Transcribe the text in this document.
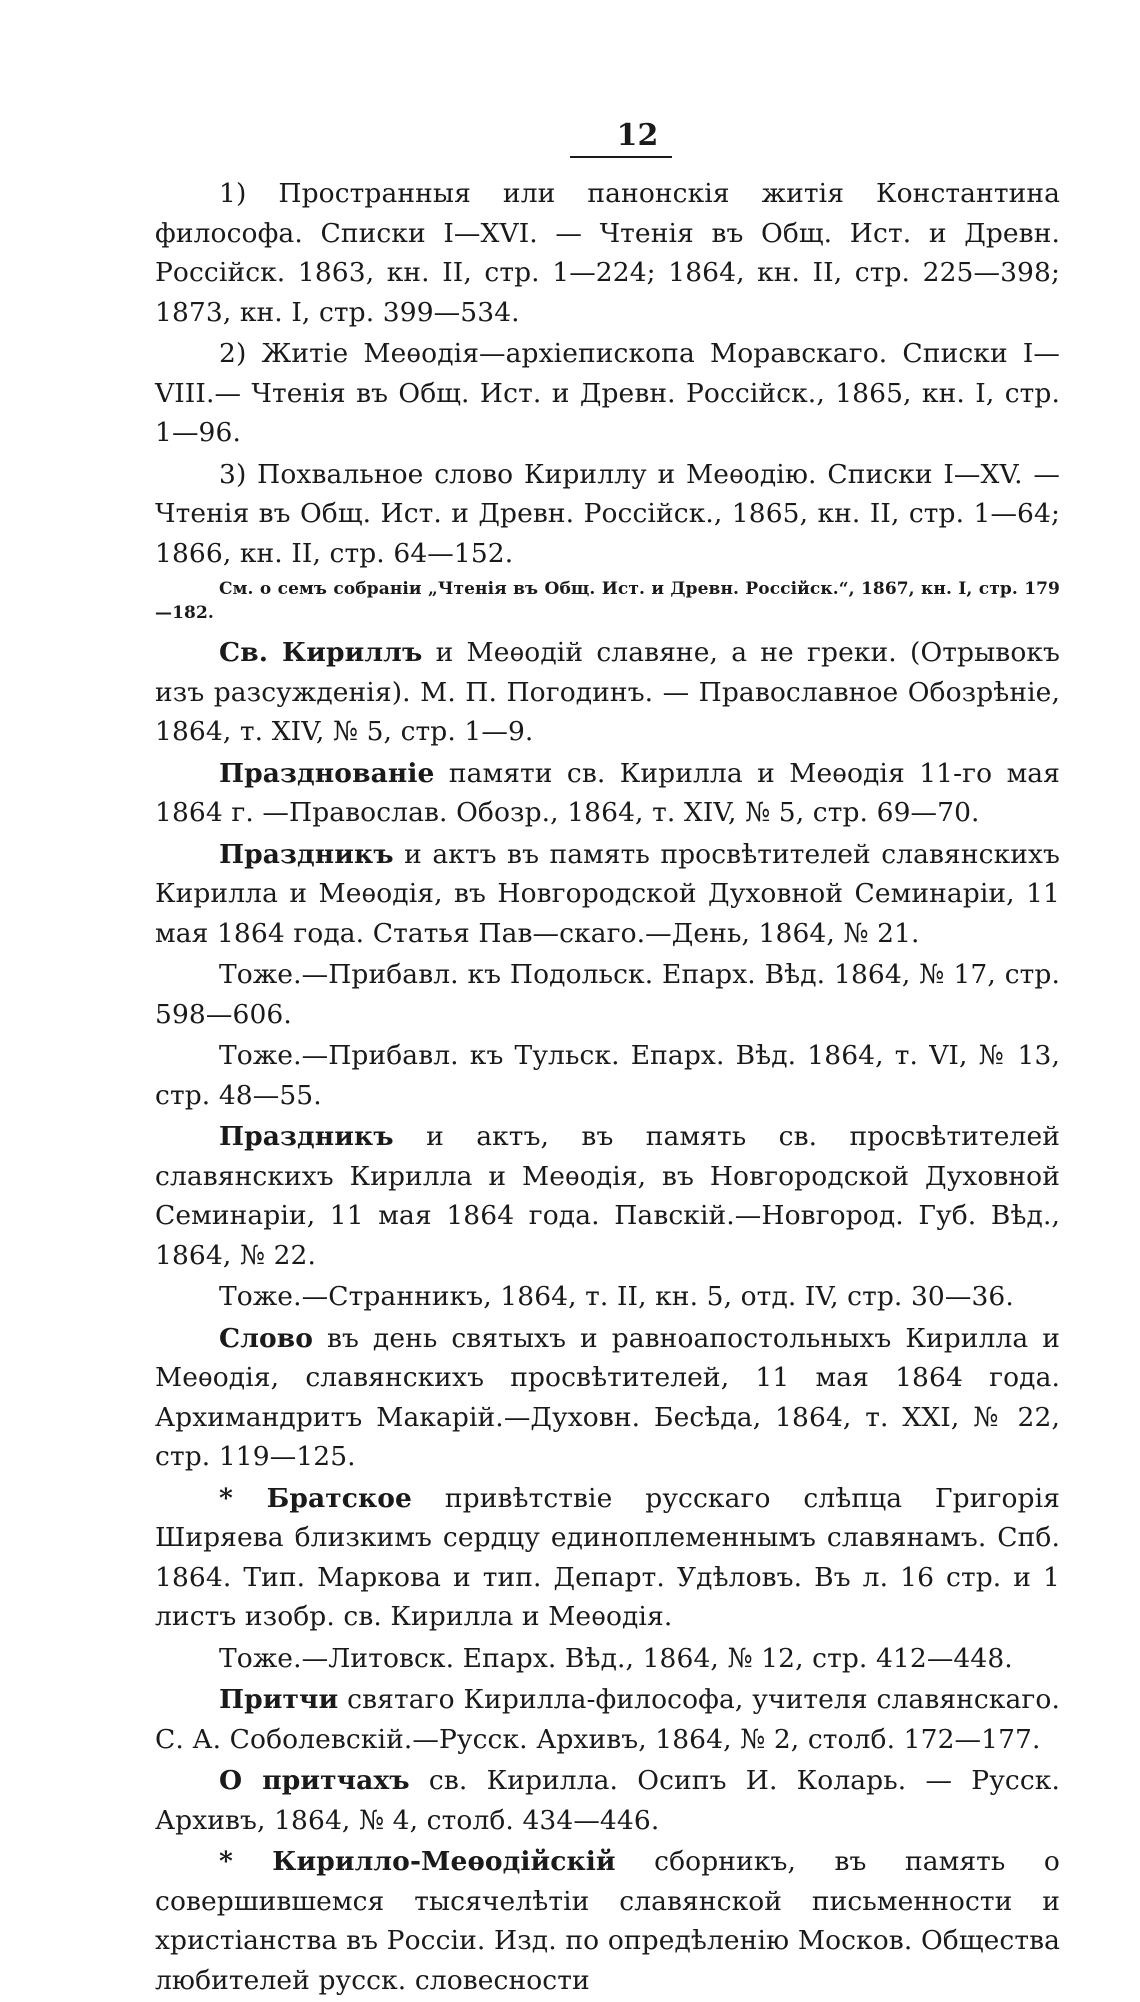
12

1) Пространныя или панонскія житія Константина философа. Списки I—XVI. — Чтенія въ Общ. Ист. и Древн. Россійск. 1863, кн. II, стр. 1—224; 1864, кн. II, стр. 225—398; 1873, кн. I, стр. 399—534.

2) Житіе Меѳодія—архіепископа Моравскаго. Списки I—VIII.— Чтенія въ Общ. Ист. и Древн. Россійск., 1865, кн. I, стр. 1—96.

3) Похвальное слово Кириллу и Меѳодію. Списки I—XV. — Чтенія въ Общ. Ист. и Древн. Россійск., 1865, кн. II, стр. 1—64; 1866, кн. II, стр. 64—152.

См. о семъ собраніи „Чтенія въ Общ. Ист. и Древн. Россійск.“, 1867, кн. I, стр. 179—182.

Св. Кириллъ и Меѳодій славяне, а не греки. (Отрывокъ изъ разсужденія). М. П. Погодинъ. — Православное Обозрѣніе, 1864, т. XIV, № 5, стр. 1—9.

Празднованіе памяти св. Кирилла и Меѳодія 11-го мая 1864 г. —Православ. Обозр., 1864, т. XIV, № 5, стр. 69—70.

Праздникъ и актъ въ память просвѣтителей славянскихъ Кирилла и Меѳодія, въ Новгородской Духовной Семинаріи, 11 мая 1864 года. Статья Пав—скаго.—День, 1864, № 21.

Тоже.—Прибавл. къ Подольск. Епарх. Вѣд. 1864, № 17, стр. 598—606.

Тоже.—Прибавл. къ Тульск. Епарх. Вѣд. 1864, т. VI, № 13, стр. 48—55.

Праздникъ и актъ, въ память св. просвѣтителей славянскихъ Кирилла и Меѳодія, въ Новгородской Духовной Семинаріи, 11 мая 1864 года. Павскій.—Новгород. Губ. Вѣд., 1864, № 22.

Тоже.—Странникъ, 1864, т. II, кн. 5, отд. IV, стр. 30—36.

Слово въ день святыхъ и равноапостольныхъ Кирилла и Меѳодія, славянскихъ просвѣтителей, 11 мая 1864 года. Архимандритъ Макарій.—Духовн. Бесѣда, 1864, т. XXI, № 22, стр. 119—125.

* Братское привѣтствіе русскаго слѣпца Григорія Ширяева близкимъ сердцу единоплеменнымъ славянамъ. Спб. 1864. Тип. Маркова и тип. Департ. Удѣловъ. Въ л. 16 стр. и 1 листъ изобр. св. Кирилла и Меѳодія.

Тоже.—Литовск. Епарх. Вѣд., 1864, № 12, стр. 412—448.

Притчи святаго Кирилла-философа, учителя славянскаго. С. А. Соболевскій.—Русск. Архивъ, 1864, № 2, столб. 172—177.

О притчахъ св. Кирилла. Осипъ И. Коларь. — Русск. Архивъ, 1864, № 4, столб. 434—446.

* Кирилло-Меѳодійскій сборникъ, въ память о совершившемся тысячелѣтіи славянской письменности и христіанства въ Россіи. Изд. по опредѣленію Москов. Общества любителей русск. словесности
